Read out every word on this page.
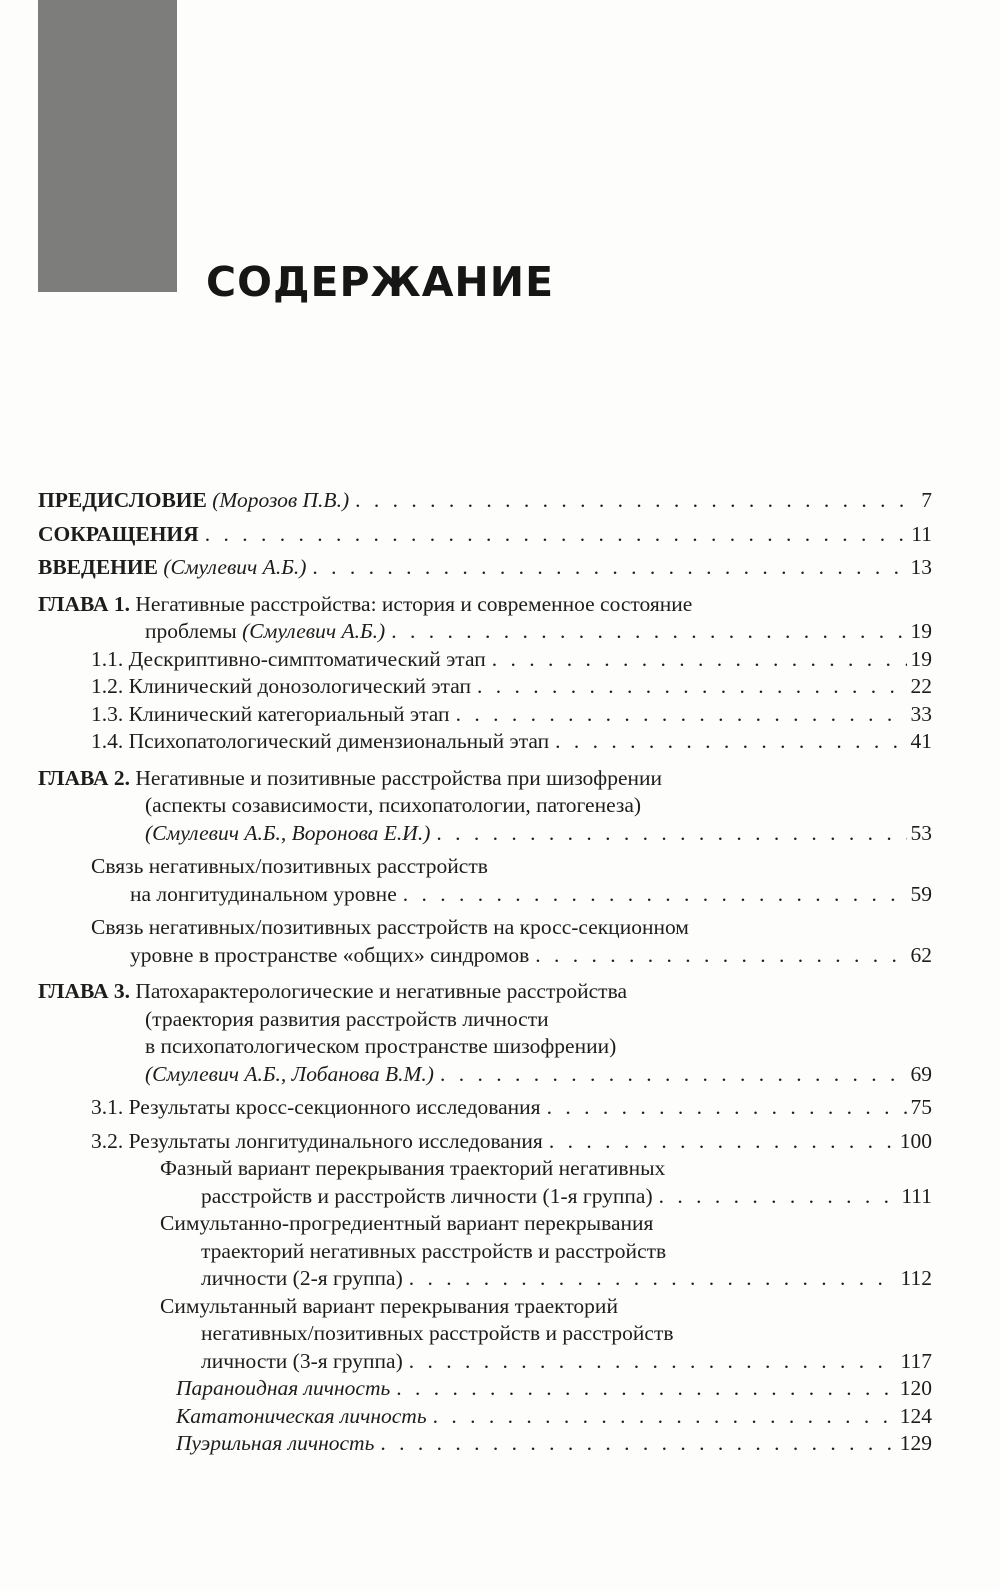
СОДЕРЖАНИЕ
ПРЕДИСЛОВИЕ
(Морозов П.В.) . . .	7
СОКРАЩЕНИЯ . . .	11
ВВЕДЕНИЕ
(Смулевич А.Б.) . . .	13
ГЛАВА 1.
Негативные расстройства: история и современное состояние
проблемы
(Смулевич А.Б.) . . .	19
1.1. Дескриптивно-симптоматический этап . . .	19
1.2. Клинический донозологический этап . . .	22
1.3. Клинический категориальный этап . . .	33
1.4. Психопатологический димензиональный этап . . .	41
ГЛАВА 2.
Негативные и позитивные расстройства при шизофрении
(аспекты созависимости, психопатологии, патогенеза)
(Смулевич А.Б., Воронова Е.И.) . . .	53
Связь негативных/позитивных расстройств
на лонгитудинальном уровне . . .	59
Связь негативных/позитивных расстройств на кросс-секционном
уровне в пространстве «общих» синдромов . . .	62
ГЛАВА 3.
Патохарактерологические и негативные расстройства
(траектория развития расстройств личности
в психопатологическом пространстве шизофрении)
(Смулевич А.Б., Лобанова В.М.) . . .	69
3.1. Результаты кросс-секционного исследования . . .	75
3.2. Результаты лонгитудинального исследования . . .	100
Фазный вариант перекрывания траекторий негативных
расстройств и расстройств личности (1-я группа) . . .	111
Симультанно-прогредиентный вариант перекрывания
траекторий негативных расстройств и расстройств
личности (2-я группа) . . .	112
Симультанный вариант перекрывания траекторий
негативных/позитивных расстройств и расстройств
личности (3-я группа) . . .	117
Параноидная личность . . .	120
Кататоническая личность . . .	124
Пуэрильная личность . . .	129
